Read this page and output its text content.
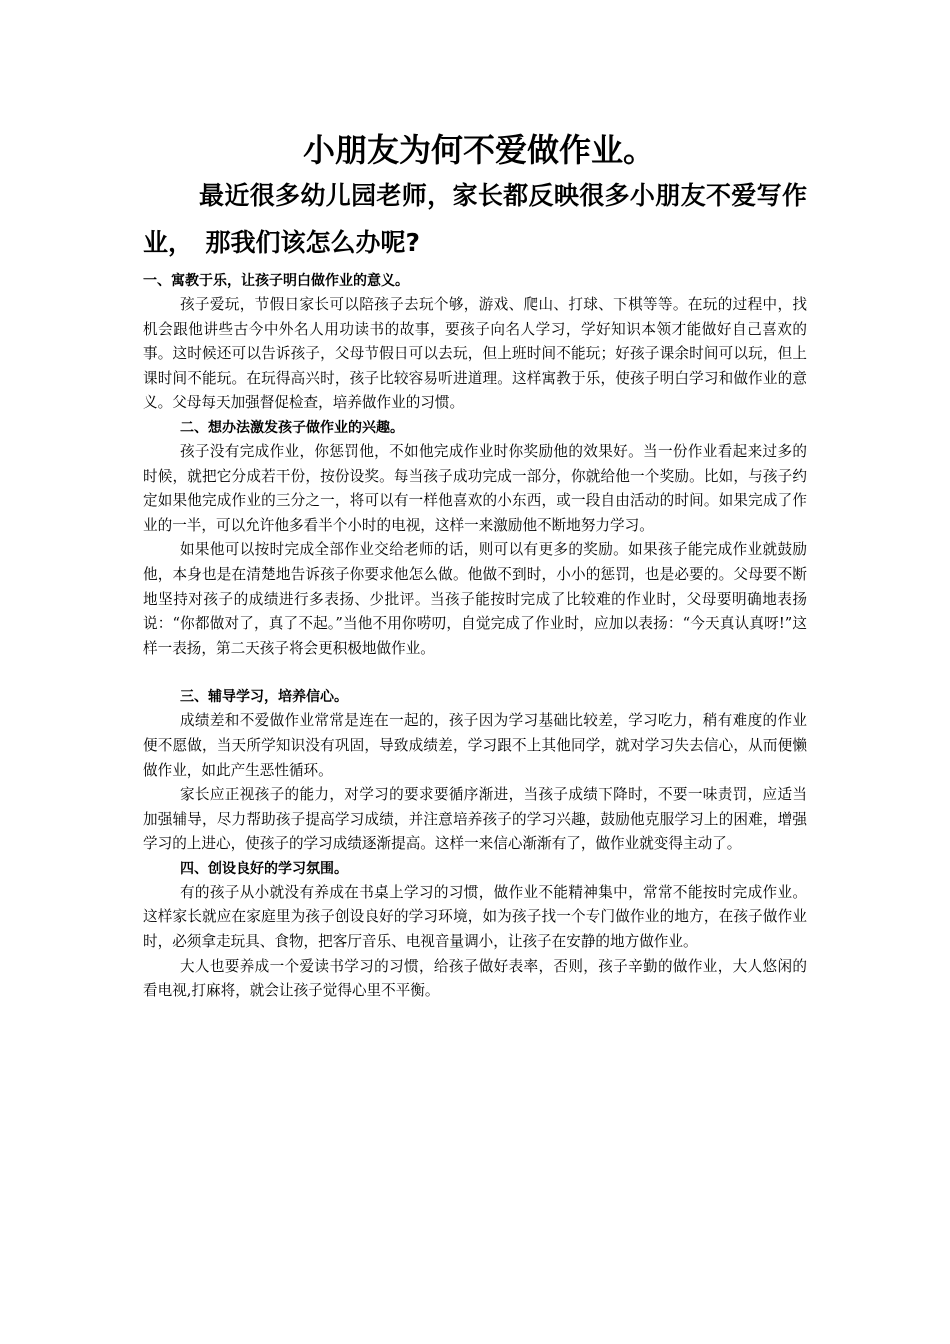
小朋友为何不爱做作业。

最近很多幼儿园老师，家长都反映很多小朋友不爱写作业，　那我们该怎么办呢?

一、寓教于乐，让孩子明白做作业的意义。

孩子爱玩，节假日家长可以陪孩子去玩个够，游戏、爬山、打球、下棋等等。在玩的过程中，找机会跟他讲些古今中外名人用功读书的故事，要孩子向名人学习，学好知识本领才能做好自己喜欢的事。这时候还可以告诉孩子，父母节假日可以去玩，但上班时间不能玩；好孩子课余时间可以玩，但上课时间不能玩。在玩得高兴时，孩子比较容易听进道理。这样寓教于乐，使孩子明白学习和做作业的意义。父母每天加强督促检查，培养做作业的习惯。

二、想办法激发孩子做作业的兴趣。

孩子没有完成作业，你惩罚他，不如他完成作业时你奖励他的效果好。当一份作业看起来过多的时候，就把它分成若干份，按份设奖。每当孩子成功完成一部分，你就给他一个奖励。比如，与孩子约定如果他完成作业的三分之一，将可以有一样他喜欢的小东西，或一段自由活动的时间。如果完成了作业的一半，可以允许他多看半个小时的电视，这样一来激励他不断地努力学习。

如果他可以按时完成全部作业交给老师的话，则可以有更多的奖励。如果孩子能完成作业就鼓励他，本身也是在清楚地告诉孩子你要求他怎么做。他做不到时，小小的惩罚，也是必要的。父母要不断地坚持对孩子的成绩进行多表扬、少批评。当孩子能按时完成了比较难的作业时，父母要明确地表扬说：“你都做对了，真了不起。”当他不用你唠叨，自觉完成了作业时，应加以表扬：“今天真认真呀!”这样一表扬，第二天孩子将会更积极地做作业。

三、辅导学习，培养信心。

成绩差和不爱做作业常常是连在一起的，孩子因为学习基础比较差，学习吃力，稍有难度的作业便不愿做，当天所学知识没有巩固，导致成绩差，学习跟不上其他同学，就对学习失去信心，从而便懒做作业，如此产生恶性循环。

家长应正视孩子的能力，对学习的要求要循序渐进，当孩子成绩下降时，不要一味责罚，应适当加强辅导，尽力帮助孩子提高学习成绩，并注意培养孩子的学习兴趣，鼓励他克服学习上的困难，增强学习的上进心，使孩子的学习成绩逐渐提高。这样一来信心渐渐有了，做作业就变得主动了。

四、创设良好的学习氛围。

有的孩子从小就没有养成在书桌上学习的习惯，做作业不能精神集中，常常不能按时完成作业。这样家长就应在家庭里为孩子创设良好的学习环境，如为孩子找一个专门做作业的地方，在孩子做作业时，必须拿走玩具、食物，把客厅音乐、电视音量调小，让孩子在安静的地方做作业。

大人也要养成一个爱读书学习的习惯，给孩子做好表率，否则，孩子辛勤的做作业，大人悠闲的看电视,打麻将，就会让孩子觉得心里不平衡。
